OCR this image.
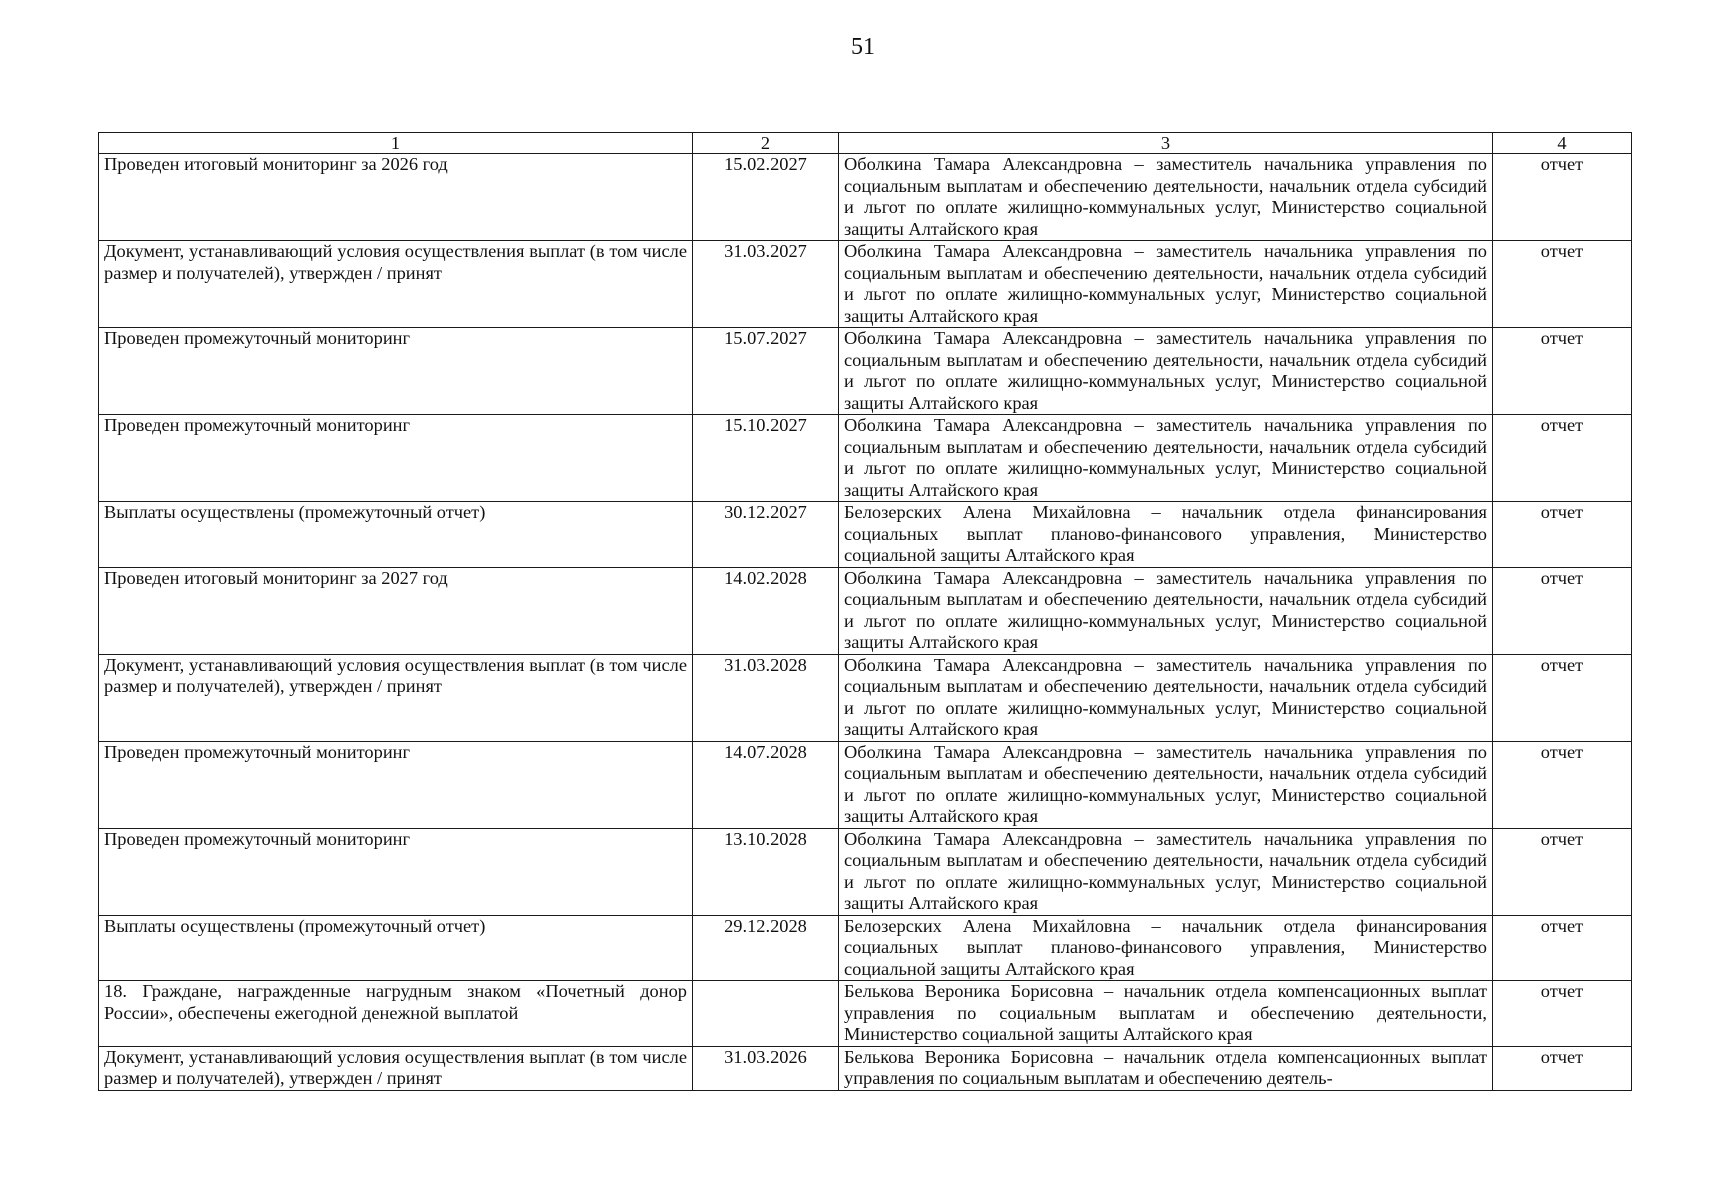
51
1	2	3	4
Проведен итоговый мониторинг за 2026 год	15.02.2027	Оболкина Тамара Александровна – заместитель начальника управления по социальным выплатам и обеспечению деятельности, начальник отдела субсидий и льгот по оплате жилищно-коммунальных услуг, Министерство социальной защиты Алтайского края	отчет
Документ, устанавливающий условия осуществления выплат (в том числе размер и получателей), утвержден / принят	31.03.2027	Оболкина Тамара Александровна – заместитель начальника управления по социальным выплатам и обеспечению деятельности, начальник отдела субсидий и льгот по оплате жилищно-коммунальных услуг, Министерство социальной защиты Алтайского края	отчет
Проведен промежуточный мониторинг	15.07.2027	Оболкина Тамара Александровна – заместитель начальника управления по социальным выплатам и обеспечению деятельности, начальник отдела субсидий и льгот по оплате жилищно-коммунальных услуг, Министерство социальной защиты Алтайского края	отчет
Проведен промежуточный мониторинг	15.10.2027	Оболкина Тамара Александровна – заместитель начальника управления по социальным выплатам и обеспечению деятельности, начальник отдела субсидий и льгот по оплате жилищно-коммунальных услуг, Министерство социальной защиты Алтайского края	отчет
Выплаты осуществлены (промежуточный отчет)	30.12.2027	Белозерских Алена Михайловна – начальник отдела финансирования социальных выплат планово-финансового управления, Министерство социальной защиты Алтайского края	отчет
Проведен итоговый мониторинг за 2027 год	14.02.2028	Оболкина Тамара Александровна – заместитель начальника управления по социальным выплатам и обеспечению деятельности, начальник отдела субсидий и льгот по оплате жилищно-коммунальных услуг, Министерство социальной защиты Алтайского края	отчет
Документ, устанавливающий условия осуществления выплат (в том числе размер и получателей), утвержден / принят	31.03.2028	Оболкина Тамара Александровна – заместитель начальника управления по социальным выплатам и обеспечению деятельности, начальник отдела субсидий и льгот по оплате жилищно-коммунальных услуг, Министерство социальной защиты Алтайского края	отчет
Проведен промежуточный мониторинг	14.07.2028	Оболкина Тамара Александровна – заместитель начальника управления по социальным выплатам и обеспечению деятельности, начальник отдела субсидий и льгот по оплате жилищно-коммунальных услуг, Министерство социальной защиты Алтайского края	отчет
Проведен промежуточный мониторинг	13.10.2028	Оболкина Тамара Александровна – заместитель начальника управления по социальным выплатам и обеспечению деятельности, начальник отдела субсидий и льгот по оплате жилищно-коммунальных услуг, Министерство социальной защиты Алтайского края	отчет
Выплаты осуществлены (промежуточный отчет)	29.12.2028	Белозерских Алена Михайловна – начальник отдела финансирования социальных выплат планово-финансового управления, Министерство социальной защиты Алтайского края	отчет
18. Граждане, награжденные нагрудным знаком «Почетный донор России», обеспечены ежегодной денежной выплатой		Белькова Вероника Борисовна – начальник отдела компенсационных выплат управления по социальным выплатам и обеспечению деятельности, Министерство социальной защиты Алтайского края	отчет
Документ, устанавливающий условия осуществления выплат (в том числе размер и получателей), утвержден / принят	31.03.2026	Белькова Вероника Борисовна – начальник отдела компенсационных выплат управления по социальным выплатам и обеспечению деятель-	отчет
